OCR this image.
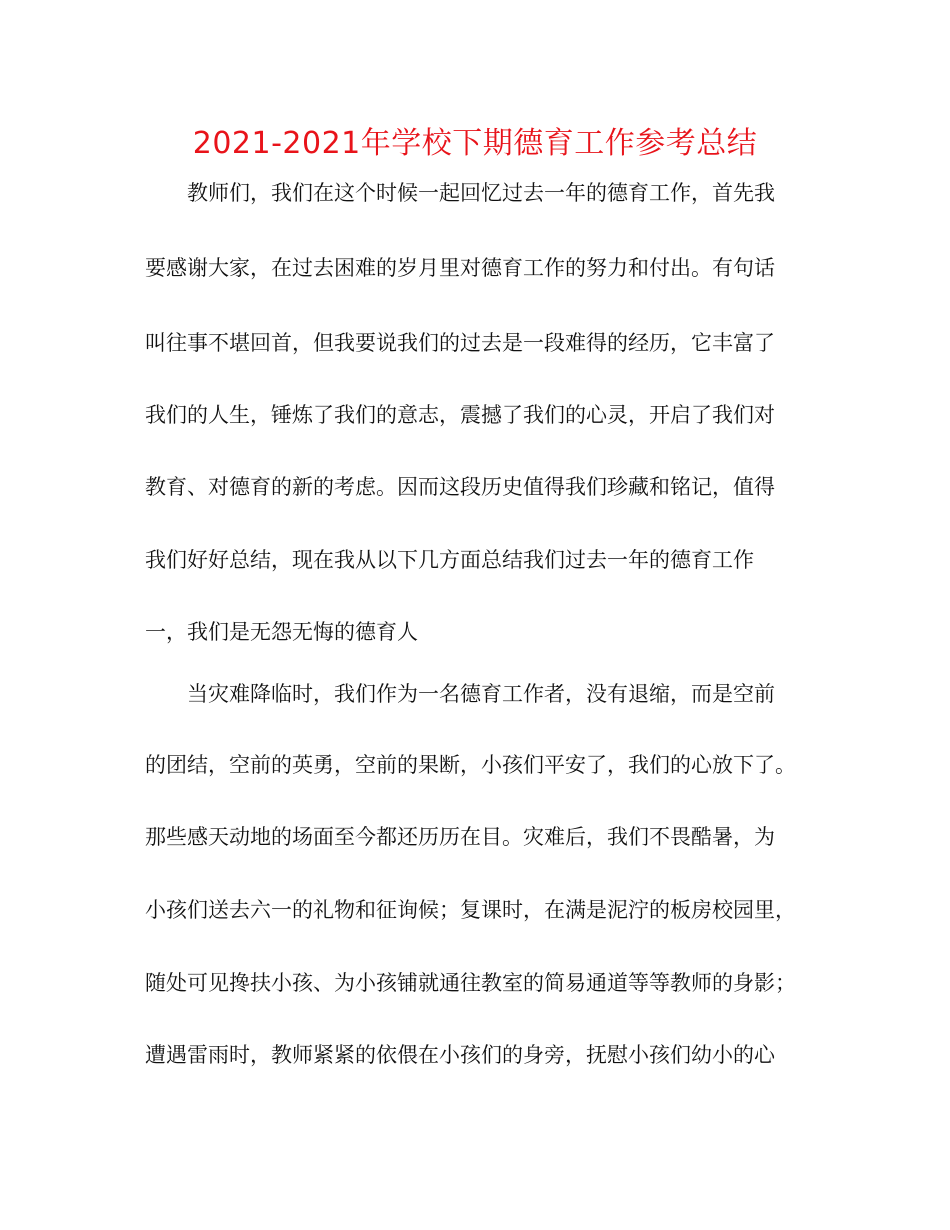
2021-2021年学校下期德育工作参考总结

教师们，我们在这个时候一起回忆过去一年的德育工作，首先我

要感谢大家，在过去困难的岁月里对德育工作的努力和付出。有句话

叫往事不堪回首，但我要说我们的过去是一段难得的经历，它丰富了

我们的人生，锤炼了我们的意志，震撼了我们的心灵，开启了我们对

教育、对德育的新的考虑。因而这段历史值得我们珍藏和铭记，值得

我们好好总结，现在我从以下几方面总结我们过去一年的德育工作

一，我们是无怨无悔的德育人

当灾难降临时，我们作为一名德育工作者，没有退缩，而是空前

的团结，空前的英勇，空前的果断，小孩们平安了，我们的心放下了。

那些感天动地的场面至今都还历历在目。灾难后，我们不畏酷暑，为

小孩们送去六一的礼物和征询候；复课时，在满是泥泞的板房校园里，

随处可见搀扶小孩、为小孩铺就通往教室的简易通道等等教师的身影；

遭遇雷雨时，教师紧紧的依偎在小孩们的身旁，抚慰小孩们幼小的心
